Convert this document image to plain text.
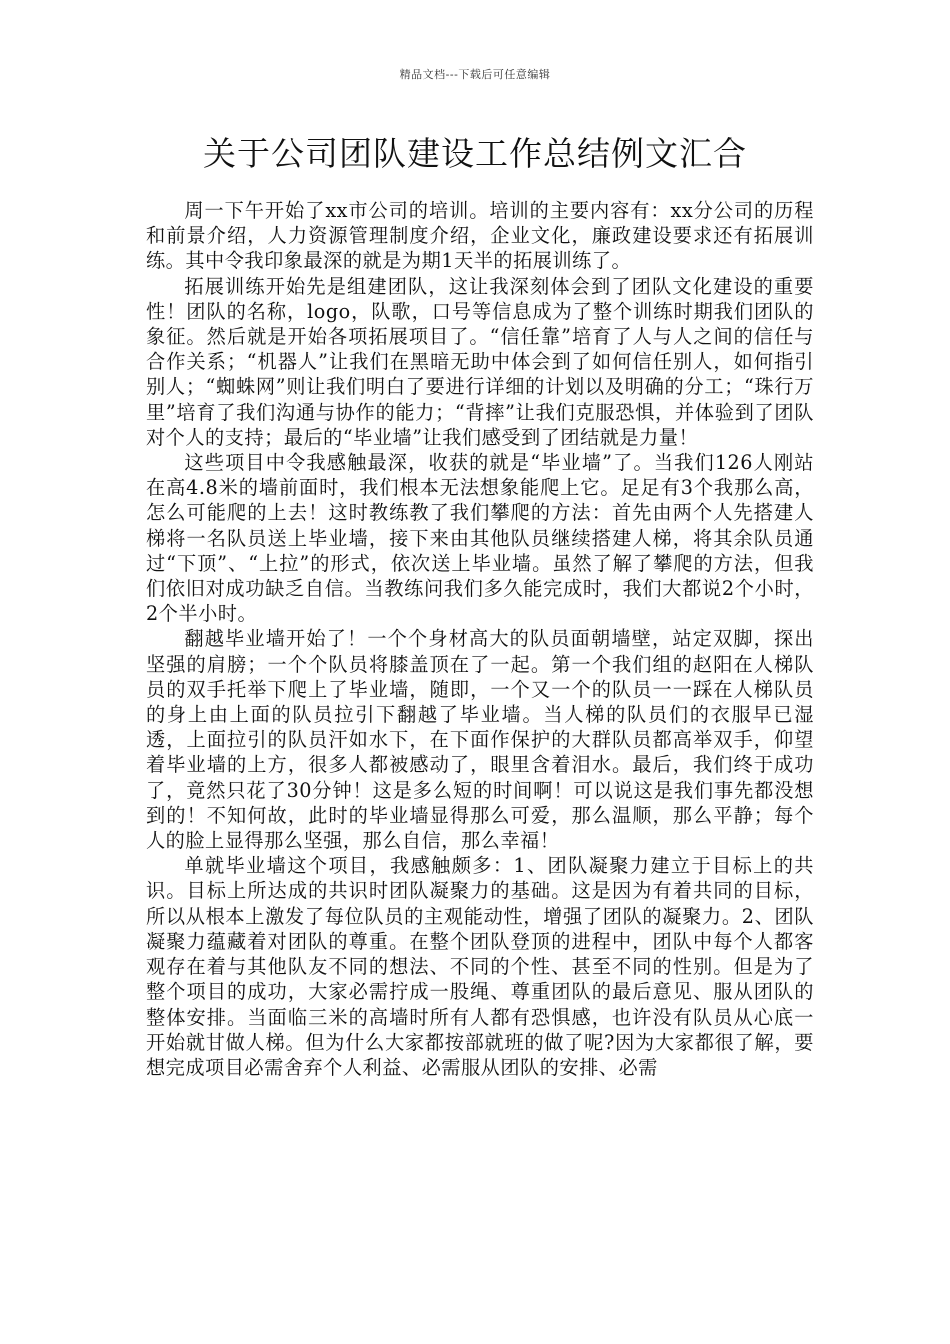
精品文档---下载后可任意编辑
关于公司团队建设工作总结例文汇合

周一下午开始了xx市公司的培训。培训的主要内容有：xx分公司的历程和前景介绍，人力资源管理制度介绍，企业文化，廉政建设要求还有拓展训练。其中令我印象最深的就是为期1天半的拓展训练了。

拓展训练开始先是组建团队，这让我深刻体会到了团队文化建设的重要性！团队的名称，logo，队歌，口号等信息成为了整个训练时期我们团队的象征。然后就是开始各项拓展项目了。“信任靠”培育了人与人之间的信任与合作关系；“机器人”让我们在黑暗无助中体会到了如何信任别人，如何指引别人；“蜘蛛网”则让我们明白了要进行详细的计划以及明确的分工；“珠行万里”培育了我们沟通与协作的能力；“背摔”让我们克服恐惧，并体验到了团队对个人的支持；最后的“毕业墙”让我们感受到了团结就是力量！

这些项目中令我感触最深，收获的就是“毕业墙”了。当我们126人刚站在高4.8米的墙前面时，我们根本无法想象能爬上它。足足有3个我那么高，怎么可能爬的上去！这时教练教了我们攀爬的方法：首先由两个人先搭建人梯将一名队员送上毕业墙，接下来由其他队员继续搭建人梯，将其余队员通过“下顶”、“上拉”的形式，依次送上毕业墙。虽然了解了攀爬的方法，但我们依旧对成功缺乏自信。当教练问我们多久能完成时，我们大都说2个小时，2个半小时。

翻越毕业墙开始了！一个个身材高大的队员面朝墙壁，站定双脚，探出坚强的肩膀；一个个队员将膝盖顶在了一起。第一个我们组的赵阳在人梯队员的双手托举下爬上了毕业墙，随即，一个又一个的队员一一踩在人梯队员的身上由上面的队员拉引下翻越了毕业墙。当人梯的队员们的衣服早已湿透，上面拉引的队员汗如水下，在下面作保护的大群队员都高举双手，仰望着毕业墙的上方，很多人都被感动了，眼里含着泪水。最后，我们终于成功了，竟然只花了30分钟！这是多么短的时间啊！可以说这是我们事先都没想到的！不知何故，此时的毕业墙显得那么可爱，那么温顺，那么平静；每个人的脸上显得那么坚强，那么自信，那么幸福！

单就毕业墙这个项目，我感触颇多：1、团队凝聚力建立于目标上的共识。目标上所达成的共识时团队凝聚力的基础。这是因为有着共同的目标，所以从根本上激发了每位队员的主观能动性，增强了团队的凝聚力。2、团队凝聚力蕴藏着对团队的尊重。在整个团队登顶的进程中，团队中每个人都客观存在着与其他队友不同的想法、不同的个性、甚至不同的性别。但是为了整个项目的成功，大家必需拧成一股绳、尊重团队的最后意见、服从团队的整体安排。当面临三米的高墙时所有人都有恐惧感，也许没有队员从心底一开始就甘做人梯。但为什么大家都按部就班的做了呢?因为大家都很了解，要想完成项目必需舍弃个人利益、必需服从团队的安排、必需
